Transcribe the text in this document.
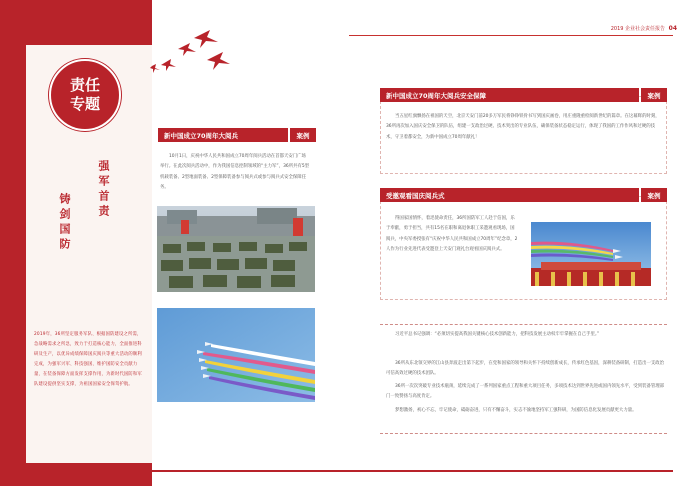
2019 企业社会责任报告 04
责任专题
强军首责
铸剑国防
2019年，36所坚定服务军队、根据国防建设之所需，急战略需求之所急，致力于打造核心能力，全面推进科研及生产，以优异成绩保障国庆阅兵等重大活动的顺利完成，为强军兴军、科技强国、维护国防安全贡献力量，在装备保障方面发挥支撑作用，为新时代国防和军队建设提供坚实支撑，为祖国国家安全保驾护航。
新中国成立70周年大阅兵	案例
10月1日，庆祝中华人民共和国成立70周年阅兵活动在首都天安门广场举行。在此次阅兵活动中，作为我国信息控制领域的“主力军”，36所共有5型机载装备、2型地面装备、2型保障装备参与阅兵式或参与阅兵式安全保障任务。
新中国成立70周年大阅兵安全保障	案例
当五星红旗飘扬在祖国的天空，北京天安门前20多万军民将铮铮铁骨书写到国庆画卷，用庄重隆重检阅新世纪的篇章。在这幕辉的时刻，36所再次加入国庆安全保卫的队伍，组建一支政治过硬、技术突出的专业队伍，确保装备状态稳定运行，体现了我国的工作作风和过硬的技术，守卫着都安全，为新中国成立70周年献礼！
受邀观看国庆阅兵式	案例
得国家国情怀，着迅使命责任，36所国防军工人赴于信国，乐于奉献，勇于担当，共有15名在职和离退休职工采邀观看现场，国阅兵，中央军委授张有“庆祝中华人民共和国成立70周年”纪念章，2人作为行业先进代表受邀登上天安门观礼台观看国庆阅兵式。
习近平总书记强调：“必须切实提高我国关键核心技术创新能力，把科技发展主动权牢牢掌握在自己手里。”
36所从东北领交界的江山县奔波走出第下起步，在党和国家的领导和关怀下持续创新成长，传承红色基因，深耕装备研制，打造出一支政治可信高效过硬的技术团队。
36所一次次突破专业技术瓶颈，延续完成了一系列国家重点工程和重大项目任务，多项技术达到世界先进或国内领先水平，受到装备管理部门一致赞扬与高度肯定。
梦想激扬，初心不忘，牢记使命，砥砺奋进，只有不懈奋斗，实志不渝地坚持军工强科研，为国防信息化发展贡献更大力量。
